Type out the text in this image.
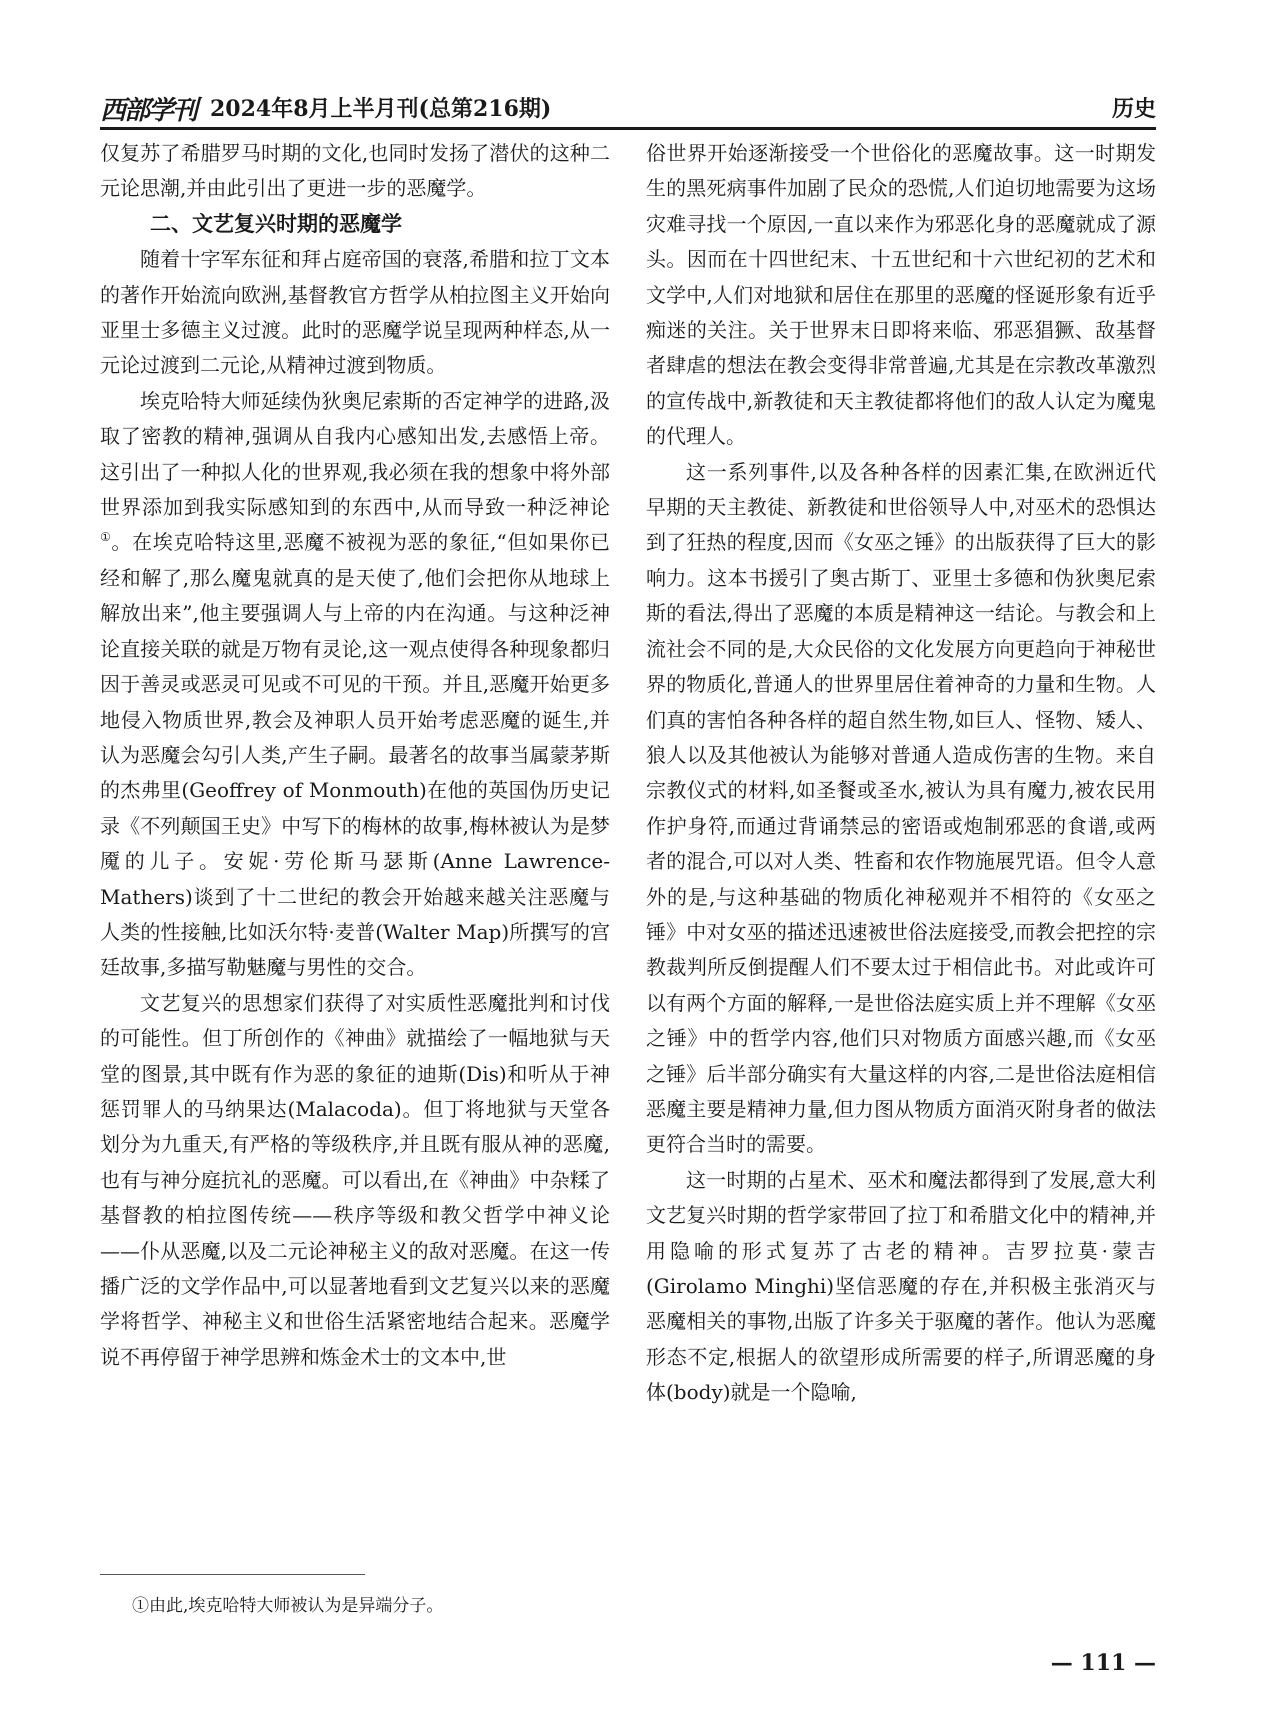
西部学刊 2024年8月上半月刊(总第216期)	历史

仅复苏了希腊罗马时期的文化,也同时发扬了潜伏的这种二元论思潮,并由此引出了更进一步的恶魔学。

二、文艺复兴时期的恶魔学

随着十字军东征和拜占庭帝国的衰落,希腊和拉丁文本的著作开始流向欧洲,基督教官方哲学从柏拉图主义开始向亚里士多德主义过渡。此时的恶魔学说呈现两种样态,从一元论过渡到二元论,从精神过渡到物质。

埃克哈特大师延续伪狄奥尼索斯的否定神学的进路,汲取了密教的精神,强调从自我内心感知出发,去感悟上帝。这引出了一种拟人化的世界观,我必须在我的想象中将外部世界添加到我实际感知到的东西中,从而导致一种泛神论①。在埃克哈特这里,恶魔不被视为恶的象征,“但如果你已经和解了,那么魔鬼就真的是天使了,他们会把你从地球上解放出来”,他主要强调人与上帝的内在沟通。与这种泛神论直接关联的就是万物有灵论,这一观点使得各种现象都归因于善灵或恶灵可见或不可见的干预。并且,恶魔开始更多地侵入物质世界,教会及神职人员开始考虑恶魔的诞生,并认为恶魔会勾引人类,产生子嗣。最著名的故事当属蒙茅斯的杰弗里(Geoffrey of Monmouth)在他的英国伪历史记录《不列颠国王史》中写下的梅林的故事,梅林被认为是梦魇的儿子。安妮·劳伦斯马瑟斯(Anne Lawrence-Mathers)谈到了十二世纪的教会开始越来越关注恶魔与人类的性接触,比如沃尔特·麦普(Walter Map)所撰写的宫廷故事,多描写勒魅魔与男性的交合。

文艺复兴的思想家们获得了对实质性恶魔批判和讨伐的可能性。但丁所创作的《神曲》就描绘了一幅地狱与天堂的图景,其中既有作为恶的象征的迪斯(Dis)和听从于神惩罚罪人的马纳果达(Malacoda)。但丁将地狱与天堂各划分为九重天,有严格的等级秩序,并且既有服从神的恶魔,也有与神分庭抗礼的恶魔。可以看出,在《神曲》中杂糅了基督教的柏拉图传统——秩序等级和教父哲学中神义论——仆从恶魔,以及二元论神秘主义的敌对恶魔。在这一传播广泛的文学作品中,可以显著地看到文艺复兴以来的恶魔学将哲学、神秘主义和世俗生活紧密地结合起来。恶魔学说不再停留于神学思辨和炼金术士的文本中,世

俗世界开始逐渐接受一个世俗化的恶魔故事。这一时期发生的黑死病事件加剧了民众的恐慌,人们迫切地需要为这场灾难寻找一个原因,一直以来作为邪恶化身的恶魔就成了源头。因而在十四世纪末、十五世纪和十六世纪初的艺术和文学中,人们对地狱和居住在那里的恶魔的怪诞形象有近乎痴迷的关注。关于世界末日即将来临、邪恶猖獗、敌基督者肆虐的想法在教会变得非常普遍,尤其是在宗教改革激烈的宣传战中,新教徒和天主教徒都将他们的敌人认定为魔鬼的代理人。

这一系列事件,以及各种各样的因素汇集,在欧洲近代早期的天主教徒、新教徒和世俗领导人中,对巫术的恐惧达到了狂热的程度,因而《女巫之锤》的出版获得了巨大的影响力。这本书援引了奥古斯丁、亚里士多德和伪狄奥尼索斯的看法,得出了恶魔的本质是精神这一结论。与教会和上流社会不同的是,大众民俗的文化发展方向更趋向于神秘世界的物质化,普通人的世界里居住着神奇的力量和生物。人们真的害怕各种各样的超自然生物,如巨人、怪物、矮人、狼人以及其他被认为能够对普通人造成伤害的生物。来自宗教仪式的材料,如圣餐或圣水,被认为具有魔力,被农民用作护身符,而通过背诵禁忌的密语或炮制邪恶的食谱,或两者的混合,可以对人类、牲畜和农作物施展咒语。但令人意外的是,与这种基础的物质化神秘观并不相符的《女巫之锤》中对女巫的描述迅速被世俗法庭接受,而教会把控的宗教裁判所反倒提醒人们不要太过于相信此书。对此或许可以有两个方面的解释,一是世俗法庭实质上并不理解《女巫之锤》中的哲学内容,他们只对物质方面感兴趣,而《女巫之锤》后半部分确实有大量这样的内容,二是世俗法庭相信恶魔主要是精神力量,但力图从物质方面消灭附身者的做法更符合当时的需要。

这一时期的占星术、巫术和魔法都得到了发展,意大利文艺复兴时期的哲学家带回了拉丁和希腊文化中的精神,并用隐喻的形式复苏了古老的精神。吉罗拉莫·蒙吉(Girolamo Minghi)坚信恶魔的存在,并积极主张消灭与恶魔相关的事物,出版了许多关于驱魔的著作。他认为恶魔形态不定,根据人的欲望形成所需要的样子,所谓恶魔的身体(body)就是一个隐喻,

①由此,埃克哈特大师被认为是异端分子。
— 111 —
